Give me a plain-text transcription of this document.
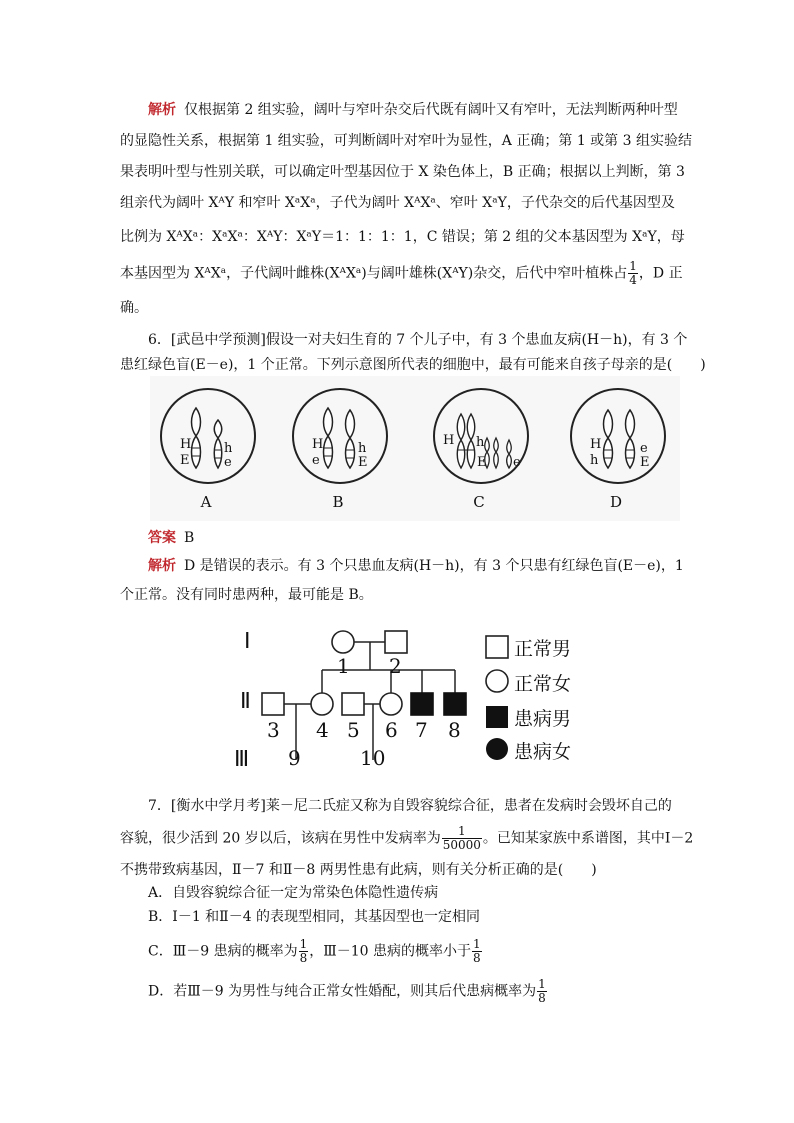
解析 仅根据第 2 组实验，阔叶与窄叶杂交后代既有阔叶又有窄叶，无法判断两种叶型
的显隐性关系，根据第 1 组实验，可判断阔叶对窄叶为显性，A 正确；第 1 或第 3 组实验结
果表明叶型与性别关联，可以确定叶型基因位于 X 染色体上，B 正确；根据以上判断，第 3
组亲代为阔叶 XᴬY 和窄叶 XᵃXᵃ，子代为阔叶 XᴬXᵃ、窄叶 XᵃY，子代杂交的后代基因型及
比例为 XᴬXᵃ：XᵃXᵃ：XᴬY：XᵃY＝1：1：1：1，C 错误；第 2 组的父本基因型为 XᵃY，母
本基因型为 XᴬXᵃ，子代阔叶雌株(XᴬXᵃ)与阔叶雄株(XᴬY)杂交，后代中窄叶植株占 $\frac{1}{4}$ ，D 正
确。
6．[武邑中学预测]假设一对夫妇生育的 7 个儿子中，有 3 个患血友病(H－h)，有 3 个
患红绿色盲(E－e)，1 个正常。下列示意图所代表的细胞中，最有可能来自孩子母亲的是(　　)
H
E
h
e
A
H
e
h
E
B
H h
E e
C
H
h
e
E
D
答案 B
解析 D 是错误的表示。有 3 个只患血友病(H－h)，有 3 个只患有红绿色盲(E－e)，1
个正常。没有同时患两种，最可能是 B。
Ⅰ
Ⅱ
Ⅲ
1 2
3 4 5 6 7 8
9	10
正常男
正常女
患病男
患病女
7．[衡水中学月考]莱－尼二氏症又称为自毁容貌综合征，患者在发病时会毁坏自己的
容貌，很少活到 20 岁以后，该病在男性中发病率为 $\frac{1}{50000}$ 。已知某家族中系谱图，其中Ⅰ－2
不携带致病基因，Ⅱ－7 和Ⅱ－8 两男性患有此病，则有关分析正确的是(　　)
A．自毁容貌综合征一定为常染色体隐性遗传病
B．Ⅰ－1 和Ⅱ－4 的表现型相同，其基因型也一定相同
C．Ⅲ－9 患病的概率为 $\frac{1}{8}$ ，Ⅲ－10 患病的概率小于 $\frac{1}{8}$
D．若Ⅲ－9 为男性与纯合正常女性婚配，则其后代患病概率为 $\frac{1}{8}$
